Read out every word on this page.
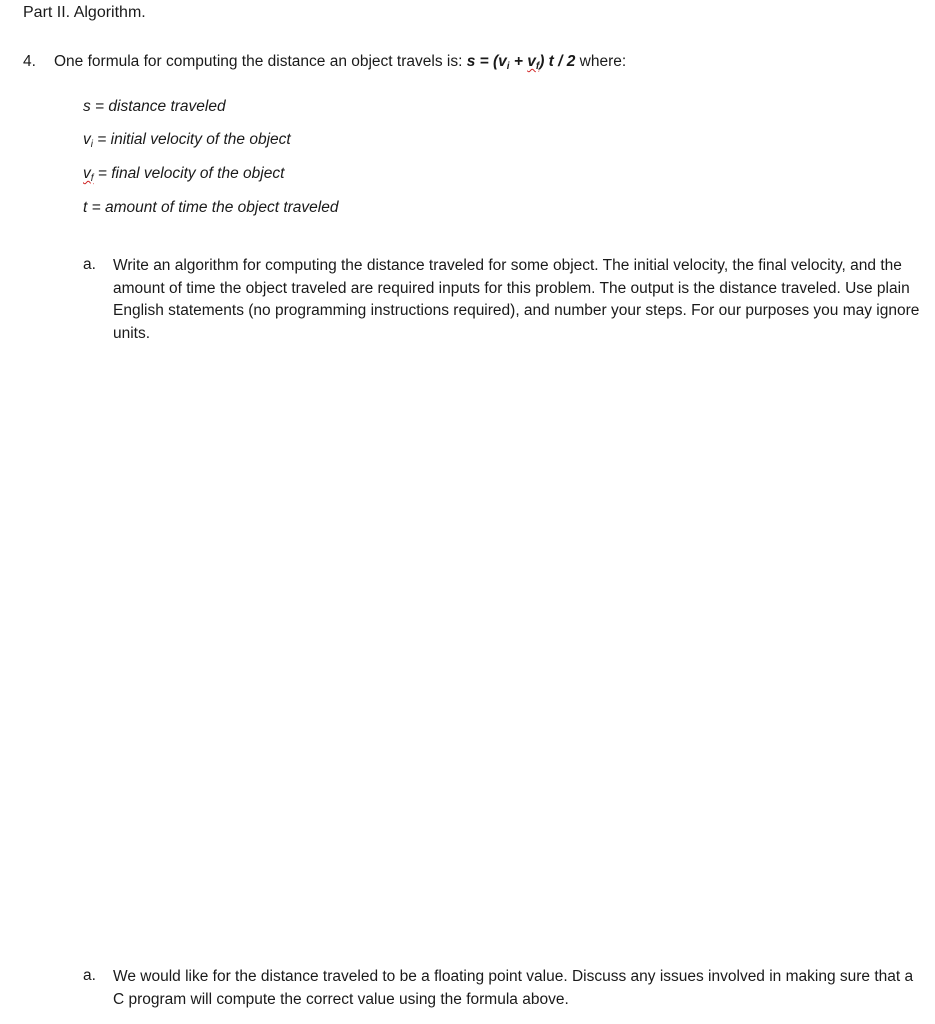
Part II. Algorithm.
4. One formula for computing the distance an object travels is: $s = (v_i + v_f)$ t / 2 where:
s = distance traveled
$v_i$ = initial velocity of the object
$v_f$ = final velocity of the object
t = amount of time the object traveled
a. Write an algorithm for computing the distance traveled for some object. The initial velocity, the final velocity, and the amount of time the object traveled are required inputs for this problem. The output is the distance traveled. Use plain English statements (no programming instructions required), and number your steps. For our purposes you may ignore units.
a. We would like for the distance traveled to be a floating point value. Discuss any issues involved in making sure that a C program will compute the correct value using the formula above.
